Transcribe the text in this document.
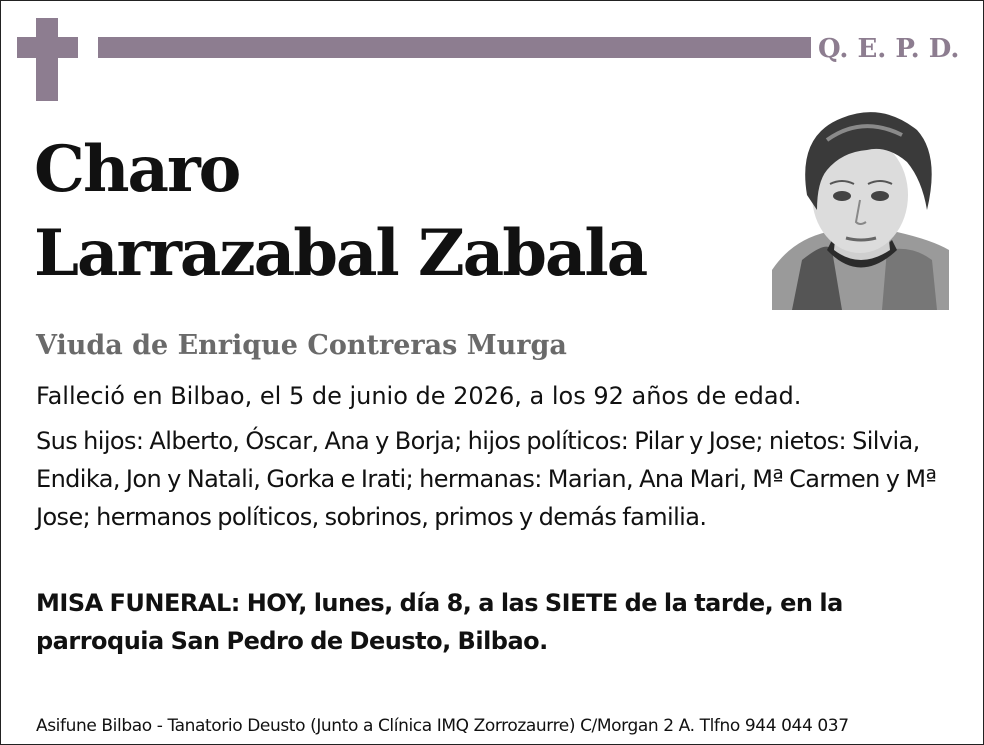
Q. E. P. D.
Charo
Larrazabal Zabala
Viuda de Enrique Contreras Murga
Falleció en Bilbao, el 5 de junio de 2026, a los 92 años de edad.
Sus hijos: Alberto, Óscar, Ana y Borja; hijos políticos: Pilar y Jose; nietos: Silvia, Endika, Jon y Natali, Gorka e Irati; hermanas: Marian, Ana Mari, Mª Carmen y Mª Jose; hermanos políticos, sobrinos, primos y demás familia.
MISA FUNERAL: HOY, lunes, día 8, a las SIETE de la tarde, en la parroquia San Pedro de Deusto, Bilbao.
Asifune Bilbao - Tanatorio Deusto (Junto a Clínica IMQ Zorrozaurre) C/Morgan 2 A. Tlfno 944 044 037
